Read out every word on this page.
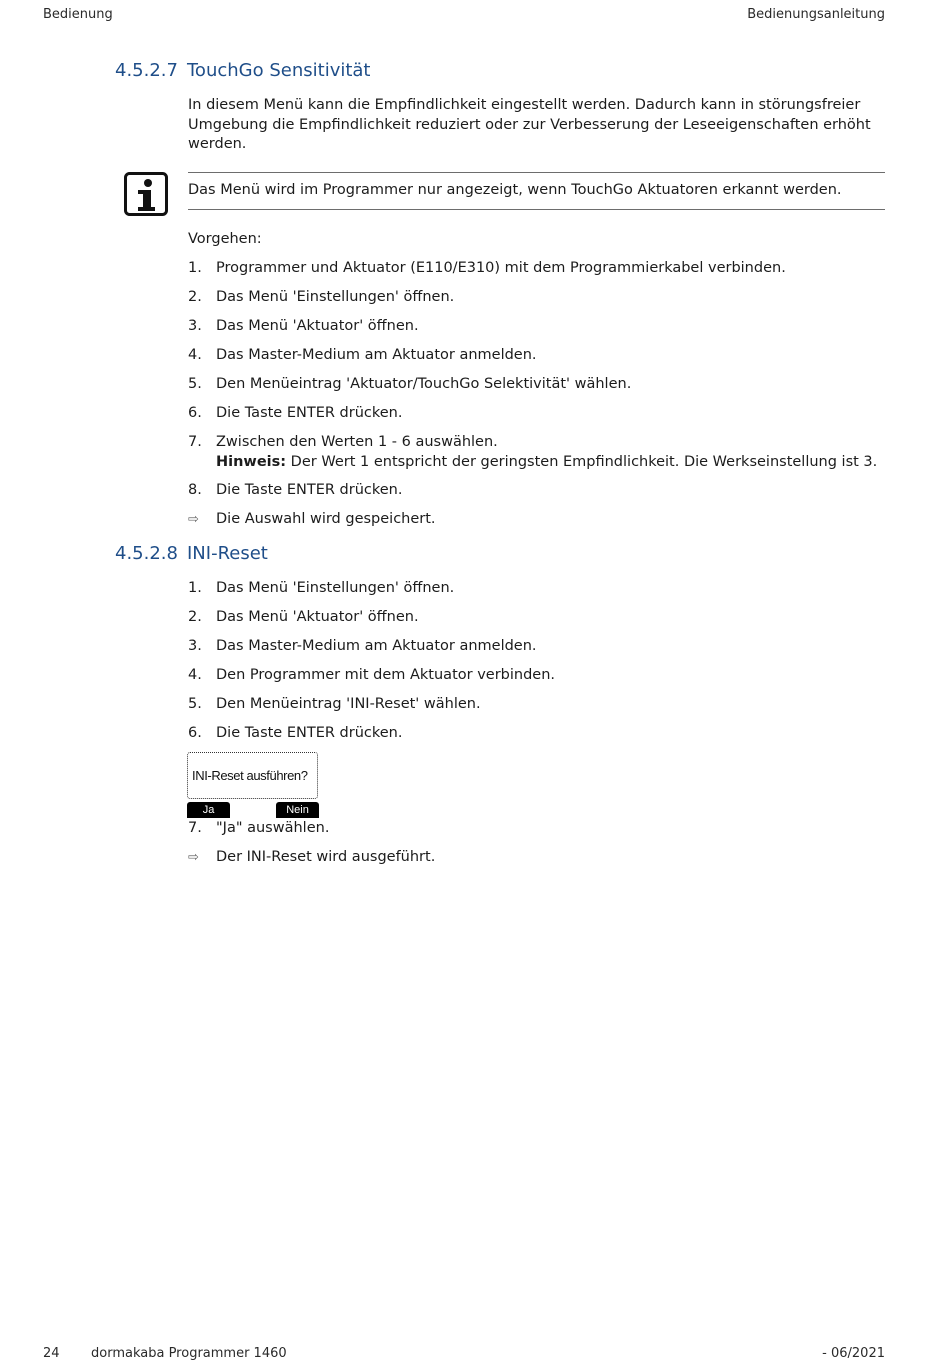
Bedienung	Bedienungsanleitung
4.5.2.7 TouchGo Sensitivität
In diesem Menü kann die Empfindlichkeit eingestellt werden. Dadurch kann in störungsfreier Umgebung die Empfindlichkeit reduziert oder zur Verbesserung der Leseeigenschaften erhöht werden.
Das Menü wird im Programmer nur angezeigt, wenn TouchGo Aktuatoren erkannt werden.
Vorgehen:
1. Programmer und Aktuator (E110/E310) mit dem Programmierkabel verbinden.
2. Das Menü 'Einstellungen' öffnen.
3. Das Menü 'Aktuator' öffnen.
4. Das Master-Medium am Aktuator anmelden.
5. Den Menüeintrag 'Aktuator/TouchGo Selektivität' wählen.
6. Die Taste ENTER drücken.
7. Zwischen den Werten 1 - 6 auswählen.
Hinweis: Der Wert 1 entspricht der geringsten Empfindlichkeit. Die Werkseinstellung ist 3.
8. Die Taste ENTER drücken.
⇨ Die Auswahl wird gespeichert.
4.5.2.8 INI-Reset
1. Das Menü 'Einstellungen' öffnen.
2. Das Menü 'Aktuator' öffnen.
3. Das Master-Medium am Aktuator anmelden.
4. Den Programmer mit dem Aktuator verbinden.
5. Den Menüeintrag 'INI-Reset' wählen.
6. Die Taste ENTER drücken.
INI-Reset ausführen?
Ja	Nein
7. "Ja" auswählen.
⇨ Der INI-Reset wird ausgeführt.
24 dormakaba Programmer 1460	- 06/2021
